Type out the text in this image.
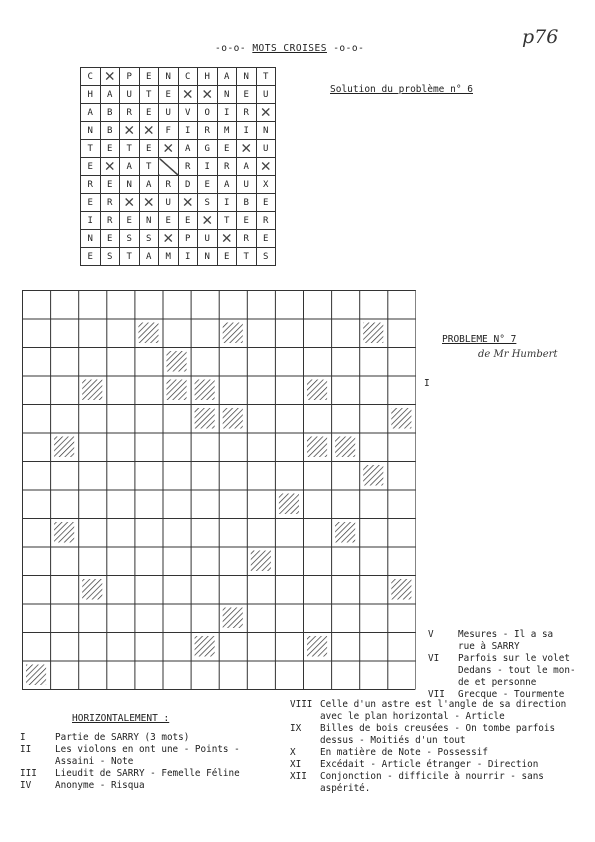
-o-o- MOTS CROISES -o-o-
p76
C	✕	P	E	N	C	H	A	N	T
H	A	U	T	E	✕	✕	N	E	U
A	B	R	E	U	V	O	I	R	✕
N	B	✕	✕	F	I	R	M	I	N
T	E	T	E	✕	A	G	E	✕	U
E	✕	A	T		R	I	R	A	✕
R	E	N	A	R	D	E	A	U	X
E	R	✕	✕	U	✕	S	I	B	E
I	R	E	N	E	E	✕	T	E	R
N	E	S	S	✕	P	U	✕	R	E
E	S	T	A	M	I	N	E	T	S
Solution du problème n° 6
PROBLEME N° 7
de Mr Humbert
I
V	Mesures - Il a sa
rue à SARRY
VI	Parfois sur le volet
Dedans - tout le mon-
de et personne
VII	Grecque - Tourmente
VIII Celle d'un astre est l'angle de sa direction
avec le plan horizontal - Article
IX	Billes de bois creusées - On tombe parfois
dessus - Moitiés d'un tout
X	En matière de Note - Possessif
XI	Excédait - Article étranger - Direction
XII	Conjonction - difficile à nourrir - sans
aspérité.
HORIZONTALEMENT :
I	Partie de SARRY (3 mots)
II	Les violons en ont une - Points -
Assaini - Note
III	Lieudit de SARRY - Femelle Féline
IV	Anonyme - Risqua
